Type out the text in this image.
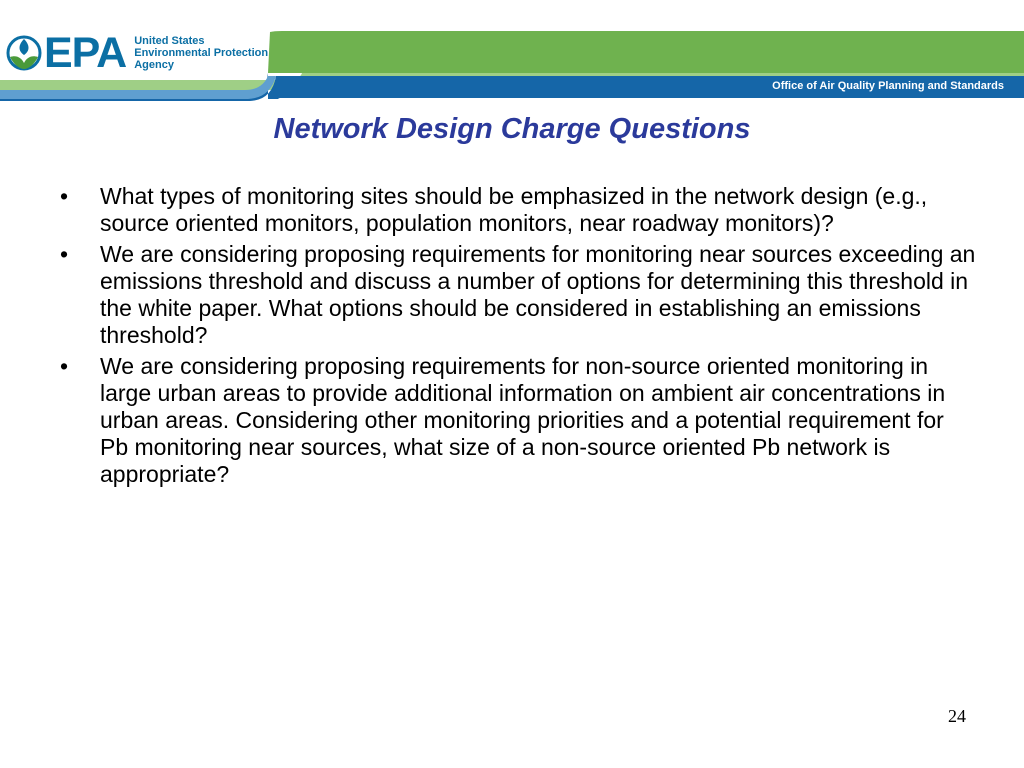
EPA United States
Environmental Protection
Agency
Office of Air Quality Planning and Standards
Network Design Charge Questions
• What types of monitoring sites should be emphasized in the network design (e.g., source oriented monitors, population monitors, near roadway monitors)?
• We are considering proposing requirements for monitoring near sources exceeding an emissions threshold and discuss a number of options for determining this threshold in the white paper. What options should be considered in establishing an emissions threshold?
• We are considering proposing requirements for non-source oriented monitoring in large urban areas to provide additional information on ambient air concentrations in urban areas. Considering other monitoring priorities and a potential requirement for Pb monitoring near sources, what size of a non-source oriented Pb network is appropriate?
24
